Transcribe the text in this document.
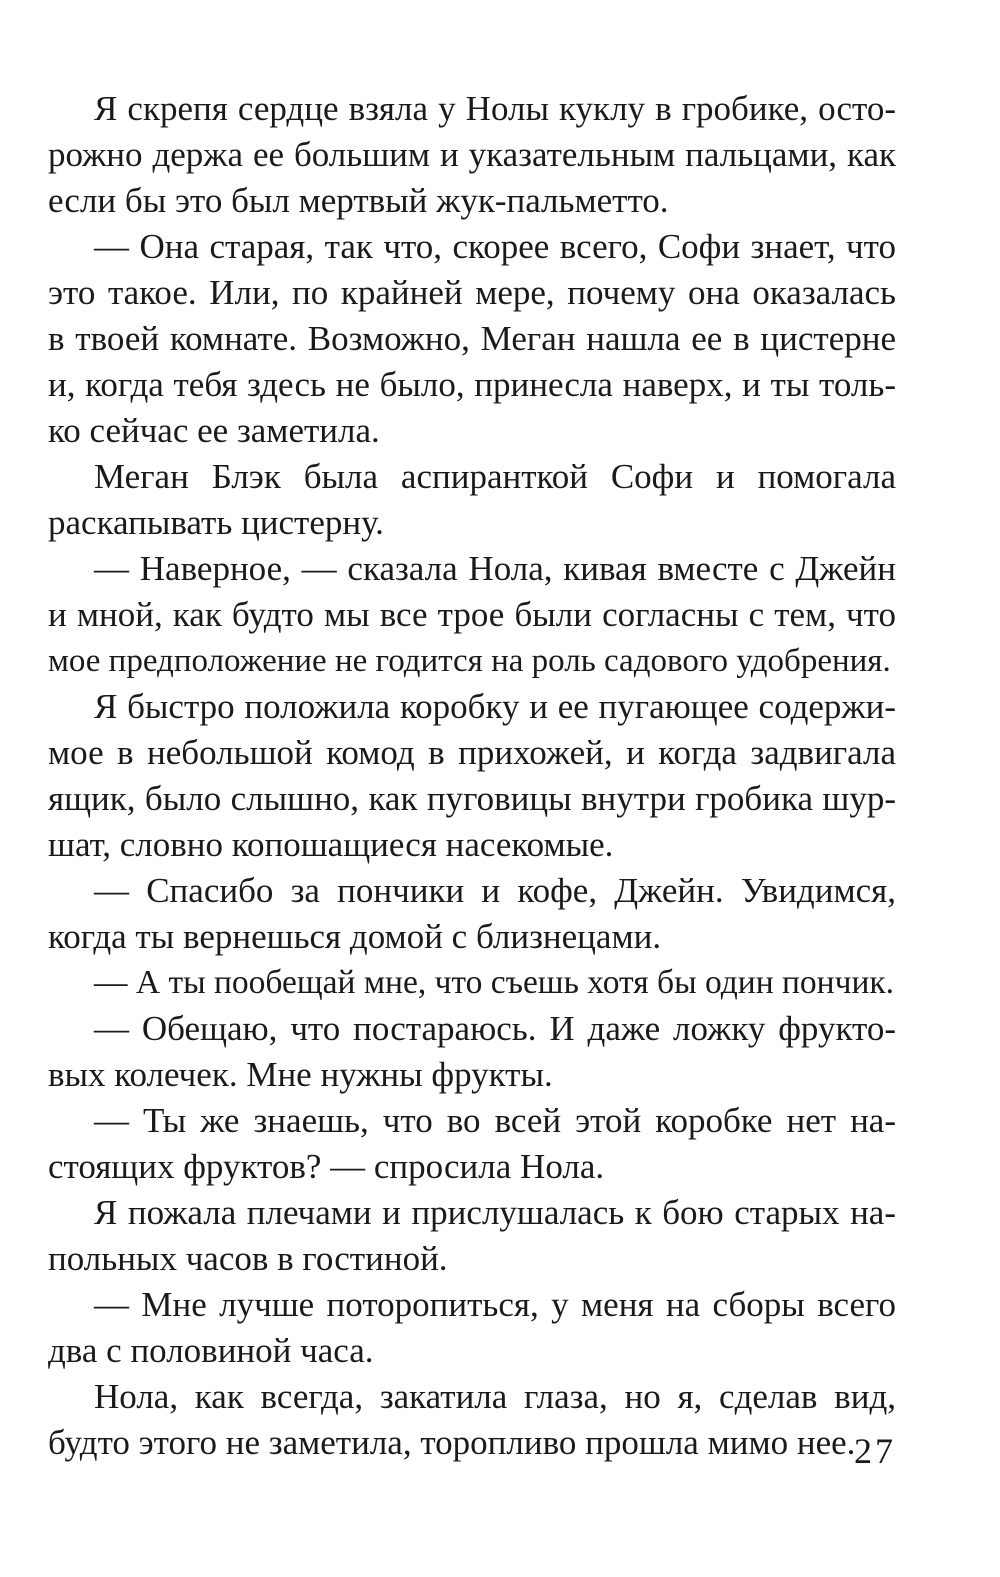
Я скрепя сердце взяла у Нолы куклу в гробике, осто-
рожно держа ее большим и указательным пальцами, как
если бы это был мертвый жук-пальметто.
— Она старая, так что, скорее всего, Софи знает, что
это такое. Или, по крайней мере, почему она оказалась
в твоей комнате. Возможно, Меган нашла ее в цистерне
и, когда тебя здесь не было, принесла наверх, и ты толь-
ко сейчас ее заметила.
Меган Блэк была аспиранткой Софи и помогала
раскапывать цистерну.
— Наверное, — сказала Нола, кивая вместе с Джейн
и мной, как будто мы все трое были согласны с тем, что
мое предположение не годится на роль садового удобрения.
Я быстро положила коробку и ее пугающее содержи-
мое в небольшой комод в прихожей, и когда задвигала
ящик, было слышно, как пуговицы внутри гробика шур-
шат, словно копошащиеся насекомые.
— Спасибо за пончики и кофе, Джейн. Увидимся,
когда ты вернешься домой с близнецами.
— А ты пообещай мне, что съешь хотя бы один пончик.
— Обещаю, что постараюсь. И даже ложку фрукто-
вых колечек. Мне нужны фрукты.
— Ты же знаешь, что во всей этой коробке нет на-
стоящих фруктов? — спросила Нола.
Я пожала плечами и прислушалась к бою старых на-
польных часов в гостиной.
— Мне лучше поторопиться, у меня на сборы всего
два с половиной часа.
Нола, как всегда, закатила глаза, но я, сделав вид,
будто этого не заметила, торопливо прошла мимо нее.
27
